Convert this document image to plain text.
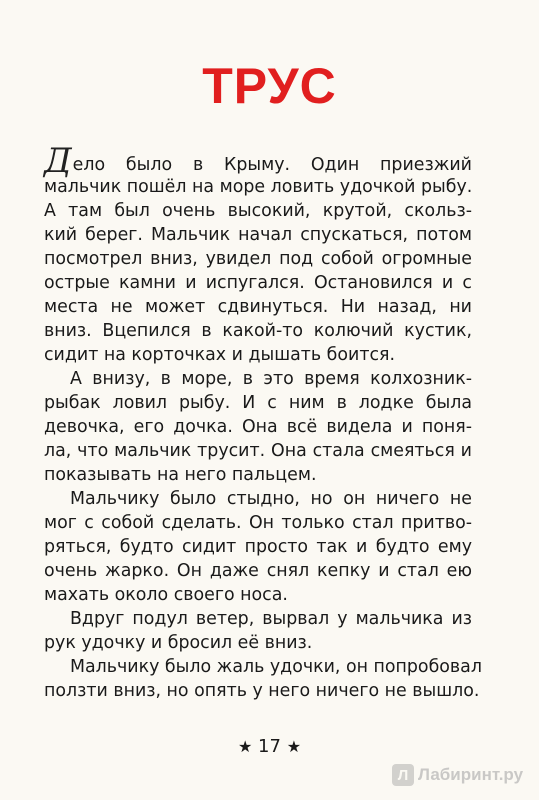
ТРУС
Дело было в Крыму. Один приезжий
мальчик пошёл на море ловить удочкой рыбу.
А там был очень высокий, крутой, скольз-
кий берег. Мальчик начал спускаться, потом
посмотрел вниз, увидел под собой огромные
острые камни и испугался. Остановился и с
места не может сдвинуться. Ни назад, ни
вниз. Вцепился в какой-то колючий кустик,
сидит на корточках и дышать боится.
А внизу, в море, в это время колхозник-
рыбак ловил рыбу. И с ним в лодке была
девочка, его дочка. Она всё видела и поня-
ла, что мальчик трусит. Она стала смеяться и
показывать на него пальцем.
Мальчику было стыдно, но он ничего не
мог с собой сделать. Он только стал притво-
ряться, будто сидит просто так и будто ему
очень жарко. Он даже снял кепку и стал ею
махать около своего носа.
Вдруг подул ветер, вырвал у мальчика из
рук удочку и бросил её вниз.
Мальчику было жаль удочки, он попробовал
ползти вниз, но опять у него ничего не вышло.
★ 17 ★
Л Лабиринт.ру
